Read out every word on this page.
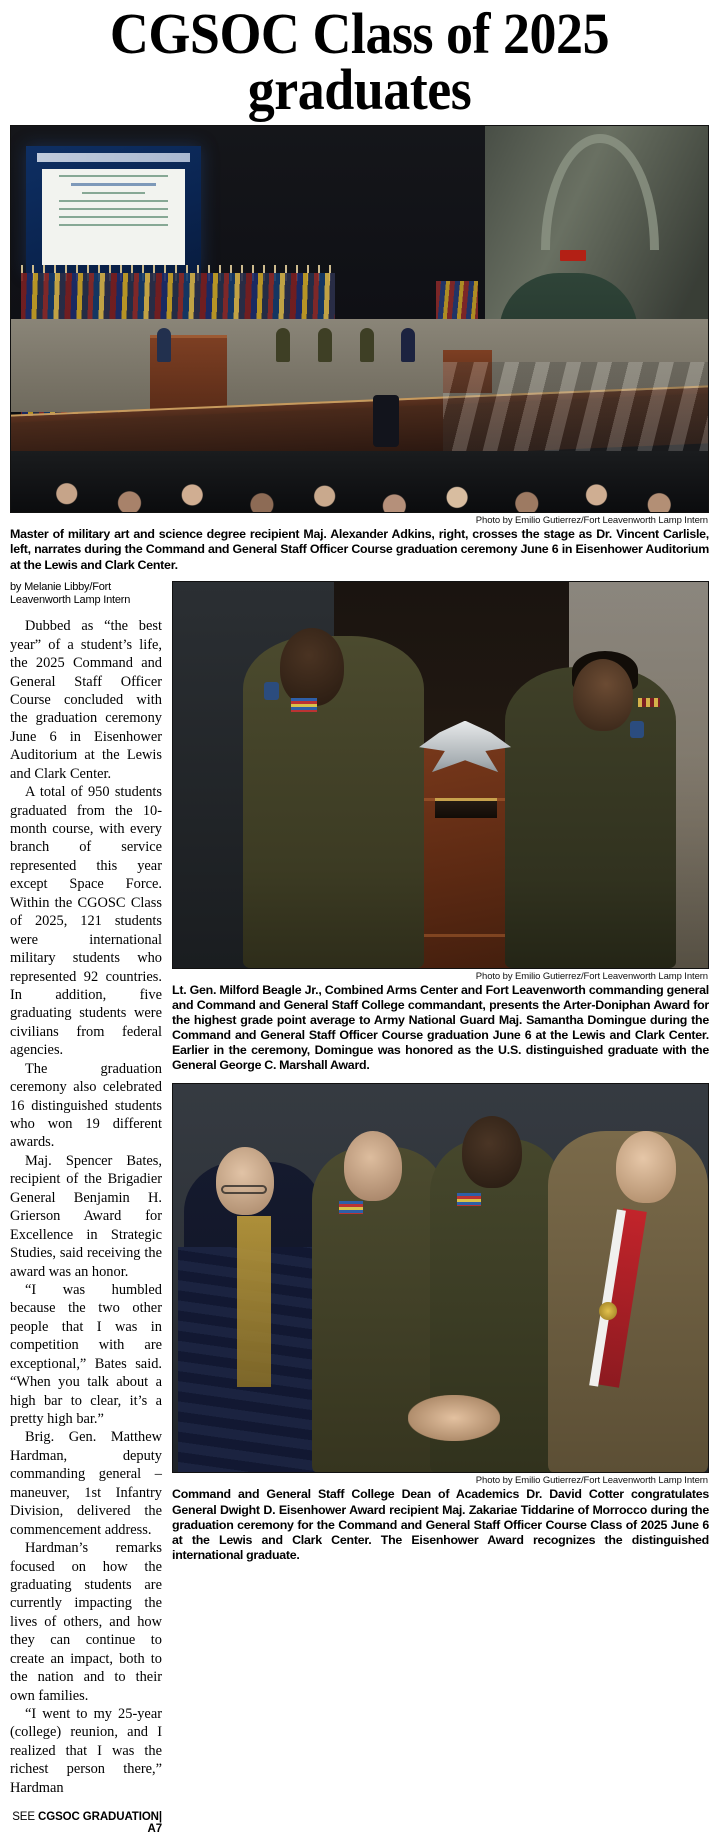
CGSOC Class of 2025 graduates
Photo by Emilio Gutierrez/Fort Leavenworth Lamp Intern
Master of military art and science degree recipient Maj. Alexander Adkins, right, crosses the stage as Dr. Vincent Carlisle, left, narrates during the Command and General Staff Officer Course graduation ceremony June 6 in Eisenhower Auditorium at the Lewis and Clark Center.
by Melanie Libby/Fort Leavenworth Lamp Intern

Dubbed as “the best year” of a student’s life, the 2025 Command and General Staff Officer Course concluded with the graduation ceremony June 6 in Eisenhower Auditorium at the Lewis and Clark Center.

A total of 950 students graduated from the 10-month course, with every branch of service represented this year except Space Force. Within the CGOSC Class of 2025, 121 students were international military students who represented 92 countries. In addition, five graduating students were civilians from federal agencies.

The graduation ceremony also celebrated 16 distinguished students who won 19 different awards.

Maj. Spencer Bates, recipient of the Brigadier General Benjamin H. Grierson Award for Excellence in Strategic Studies, said receiving the award was an honor.

“I was humbled because the two other people that I was in competition with are exceptional,” Bates said. “When you talk about a high bar to clear, it’s a pretty high bar.”

Brig. Gen. Matthew Hardman, deputy commanding general – maneuver, 1st Infantry Division, delivered the commencement address.

Hardman’s remarks focused on how the graduating students are currently impacting the lives of others, and how they can continue to create an impact, both to the nation and to their own families.

“I went to my 25-year (college) reunion, and I realized that I was the richest person there,” Hardman

SEE CGSOC GRADUATION|
A7
Photo by Emilio Gutierrez/Fort Leavenworth Lamp Intern
Lt. Gen. Milford Beagle Jr., Combined Arms Center and Fort Leavenworth commanding general and Command and General Staff College commandant, presents the Arter-Doniphan Award for the highest grade point average to Army National Guard Maj. Samantha Domingue during the Command and General Staff Officer Course graduation June 6 at the Lewis and Clark Center. Earlier in the ceremony, Domingue was honored as the U.S. distinguished graduate with the General George C. Marshall Award.
Photo by Emilio Gutierrez/Fort Leavenworth Lamp Intern
Command and General Staff College Dean of Academics Dr. David Cotter congratulates General Dwight D. Eisenhower Award recipient Maj. Zakariae Tiddarine of Morrocco during the graduation ceremony for the Command and General Staff Officer Course Class of 2025 June 6 at the Lewis and Clark Center. The Eisenhower Award recognizes the distinguished international graduate.
